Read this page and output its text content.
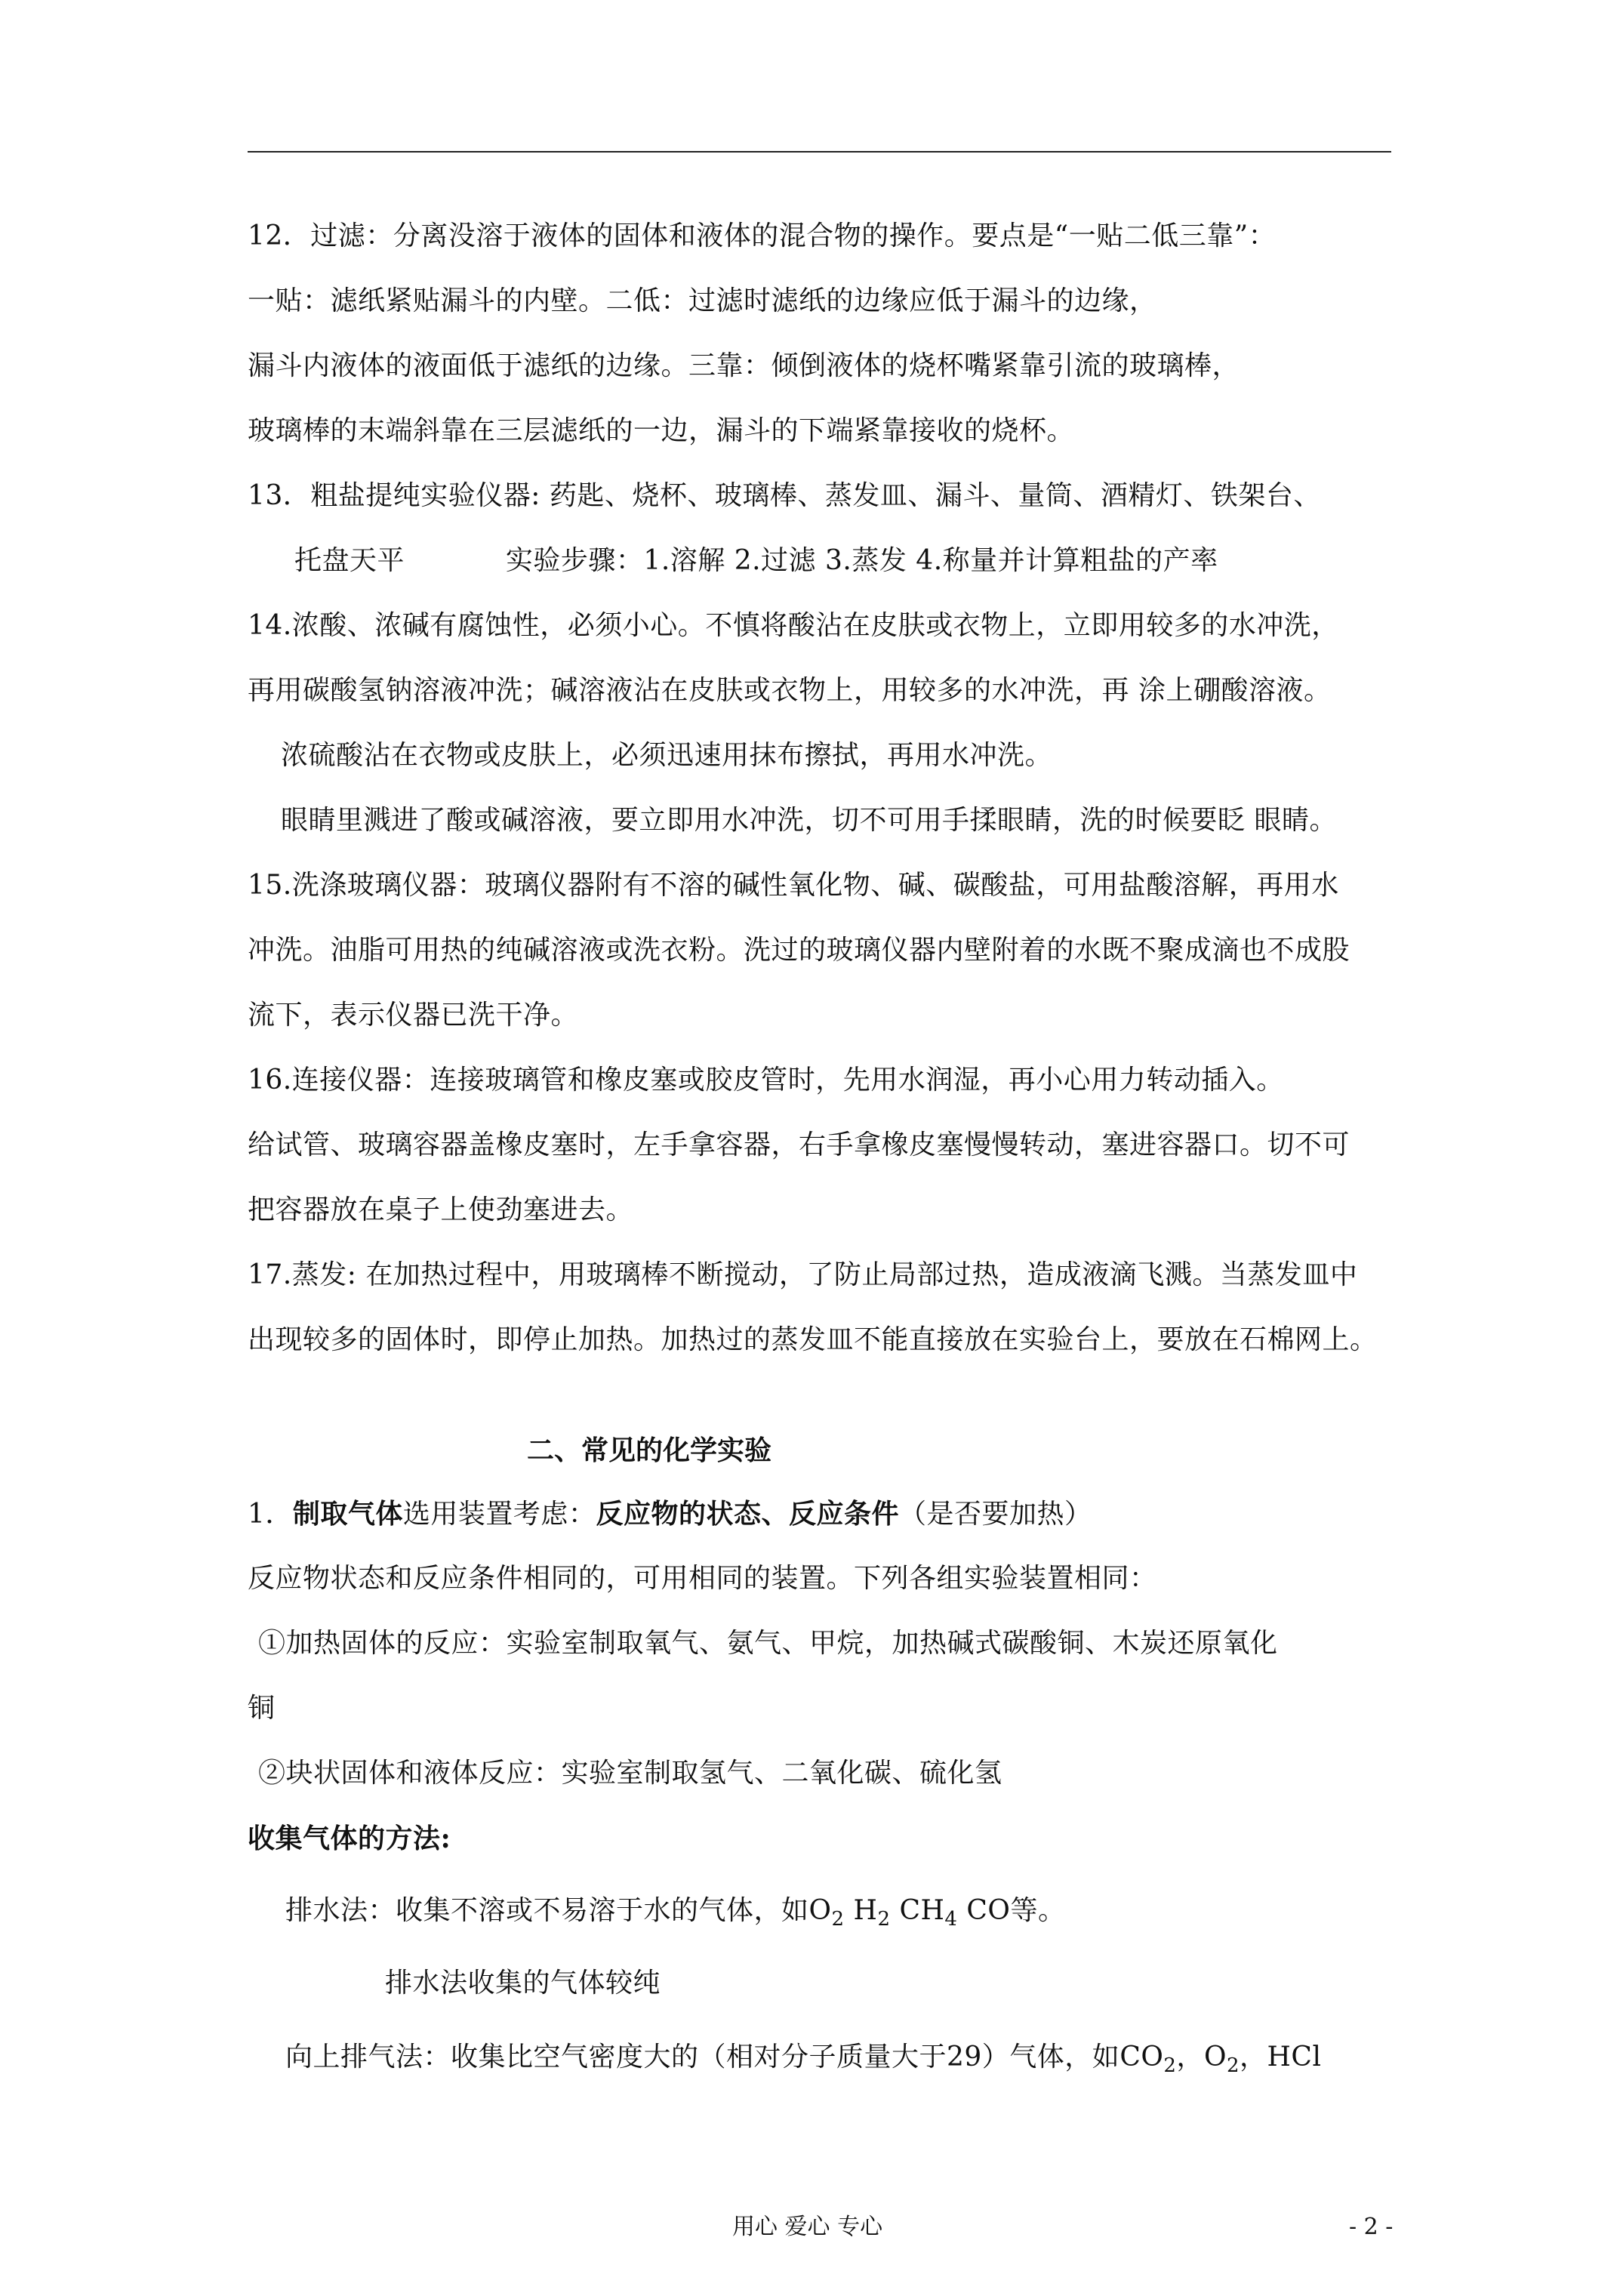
12．过滤：分离没溶于液体的固体和液体的混合物的操作。要点是“一贴二低三靠”：
一贴：滤纸紧贴漏斗的内壁。二低：过滤时滤纸的边缘应低于漏斗的边缘，
漏斗内液体的液面低于滤纸的边缘。三靠：倾倒液体的烧杯嘴紧靠引流的玻璃棒，
玻璃棒的末端斜靠在三层滤纸的一边，漏斗的下端紧靠接收的烧杯。
13．粗盐提纯实验仪器: 药匙、烧杯、玻璃棒、蒸发皿、漏斗、量筒、酒精灯、铁架台、
托盘天平	实验步骤：1.溶解 2.过滤 3.蒸发 4.称量并计算粗盐的产率
14.浓酸、浓碱有腐蚀性，必须小心。不慎将酸沾在皮肤或衣物上，立即用较多的水冲洗，
再用碳酸氢钠溶液冲洗；碱溶液沾在皮肤或衣物上，用较多的水冲洗，再 涂上硼酸溶液。
浓硫酸沾在衣物或皮肤上，必须迅速用抹布擦拭，再用水冲洗。
眼睛里溅进了酸或碱溶液，要立即用水冲洗，切不可用手揉眼睛，洗的时候要眨 眼睛。
15.洗涤玻璃仪器：玻璃仪器附有不溶的碱性氧化物、碱、碳酸盐，可用盐酸溶解，再用水
冲洗。油脂可用热的纯碱溶液或洗衣粉。洗过的玻璃仪器内壁附着的水既不聚成滴也不成股
流下，表示仪器已洗干净。
16.连接仪器：连接玻璃管和橡皮塞或胶皮管时，先用水润湿，再小心用力转动插入。
给试管、玻璃容器盖橡皮塞时，左手拿容器，右手拿橡皮塞慢慢转动，塞进容器口。切不可
把容器放在桌子上使劲塞进去。
17.蒸发: 在加热过程中，用玻璃棒不断搅动，了防止局部过热，造成液滴飞溅。当蒸发皿中
出现较多的固体时，即停止加热。加热过的蒸发皿不能直接放在实验台上，要放在石棉网上。
二、常见的化学实验
1．制取气体选用装置考虑：反应物的状态、反应条件（是否要加热）
反应物状态和反应条件相同的，可用相同的装置。下列各组实验装置相同：
①加热固体的反应：实验室制取氧气、氨气、甲烷，加热碱式碳酸铜、木炭还原氧化
铜
②块状固体和液体反应：实验室制取氢气、二氧化碳、硫化氢
收集气体的方法:
排水法：收集不溶或不易溶于水的气体，如$O_2$ $H_2$ $CH_4$ CO等。
排水法收集的气体较纯
向上排气法：收集比空气密度大的（相对分子质量大于29）气体，如$CO_2$，$O_2$，HCl
用心 爱心 专心	- 2 -
